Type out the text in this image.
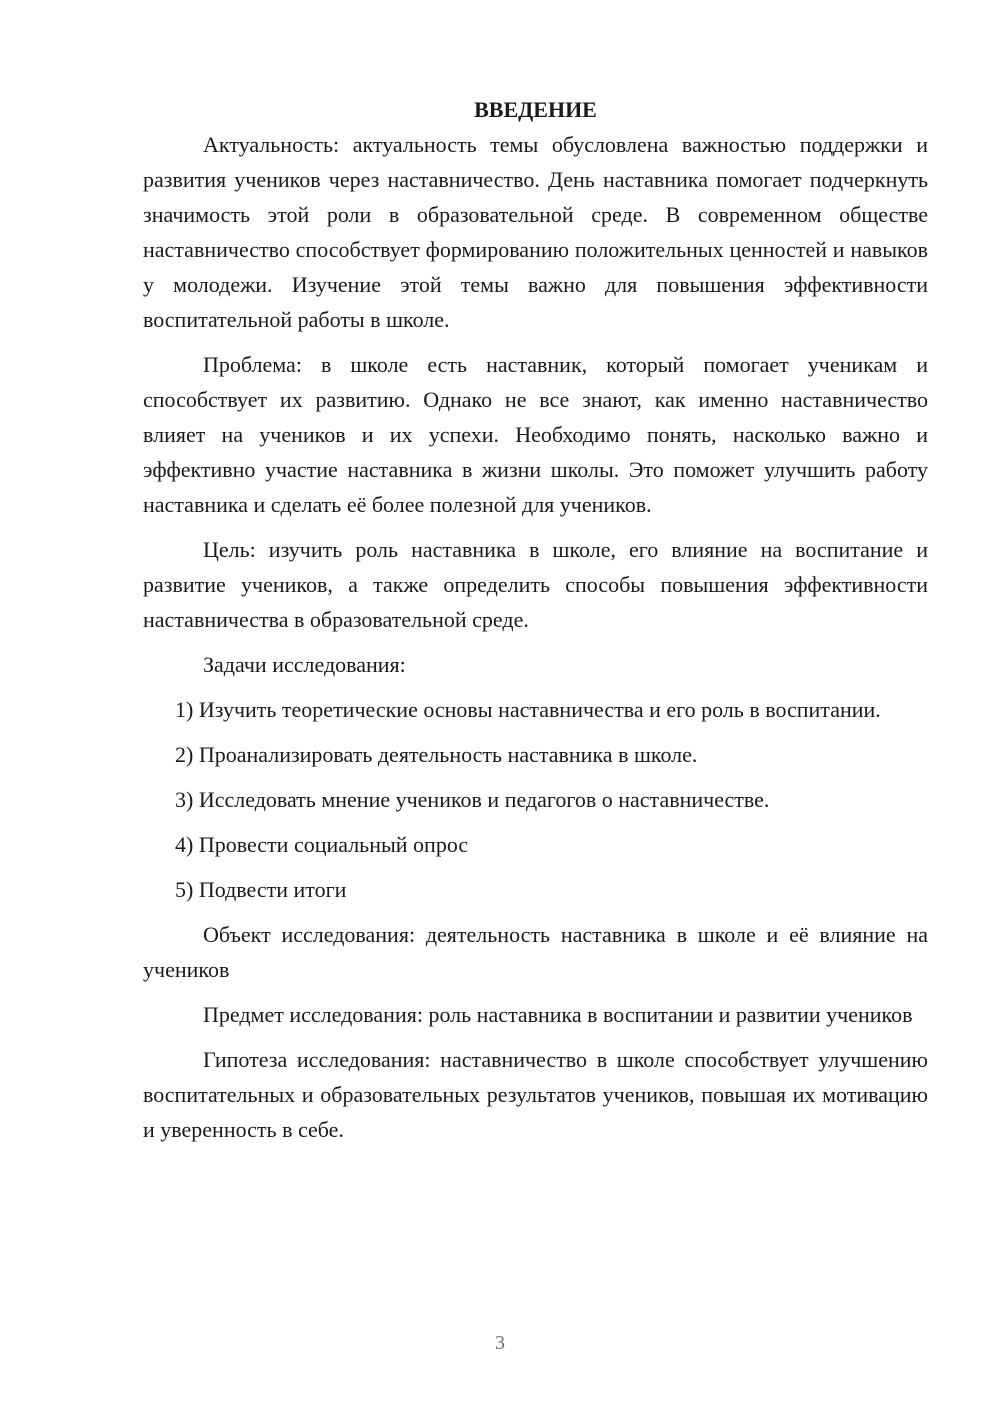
ВВЕДЕНИЕ

Актуальность: актуальность темы обусловлена важностью поддержки и развития учеников через наставничество. День наставника помогает подчеркнуть значимость этой роли в образовательной среде. В современном обществе наставничество способствует формированию положительных ценностей и навыков у молодежи. Изучение этой темы важно для повышения эффективности воспитательной работы в школе.

Проблема: в школе есть наставник, который помогает ученикам и способствует их развитию. Однако не все знают, как именно наставничество влияет на учеников и их успехи. Необходимо понять, насколько важно и эффективно участие наставника в жизни школы. Это поможет улучшить работу наставника и сделать её более полезной для учеников.

Цель: изучить роль наставника в школе, его влияние на воспитание и развитие учеников, а также определить способы повышения эффективности наставничества в образовательной среде.

Задачи исследования:

1) Изучить теоретические основы наставничества и его роль в воспитании.

2) Проанализировать деятельность наставника в школе.

3) Исследовать мнение учеников и педагогов о наставничестве.

4) Провести социальный опрос

5) Подвести итоги

Объект исследования: деятельность наставника в школе и её влияние на учеников

Предмет исследования: роль наставника в воспитании и развитии учеников

Гипотеза исследования: наставничество в школе способствует улучшению воспитательных и образовательных результатов учеников, повышая их мотивацию и уверенность в себе.

3
